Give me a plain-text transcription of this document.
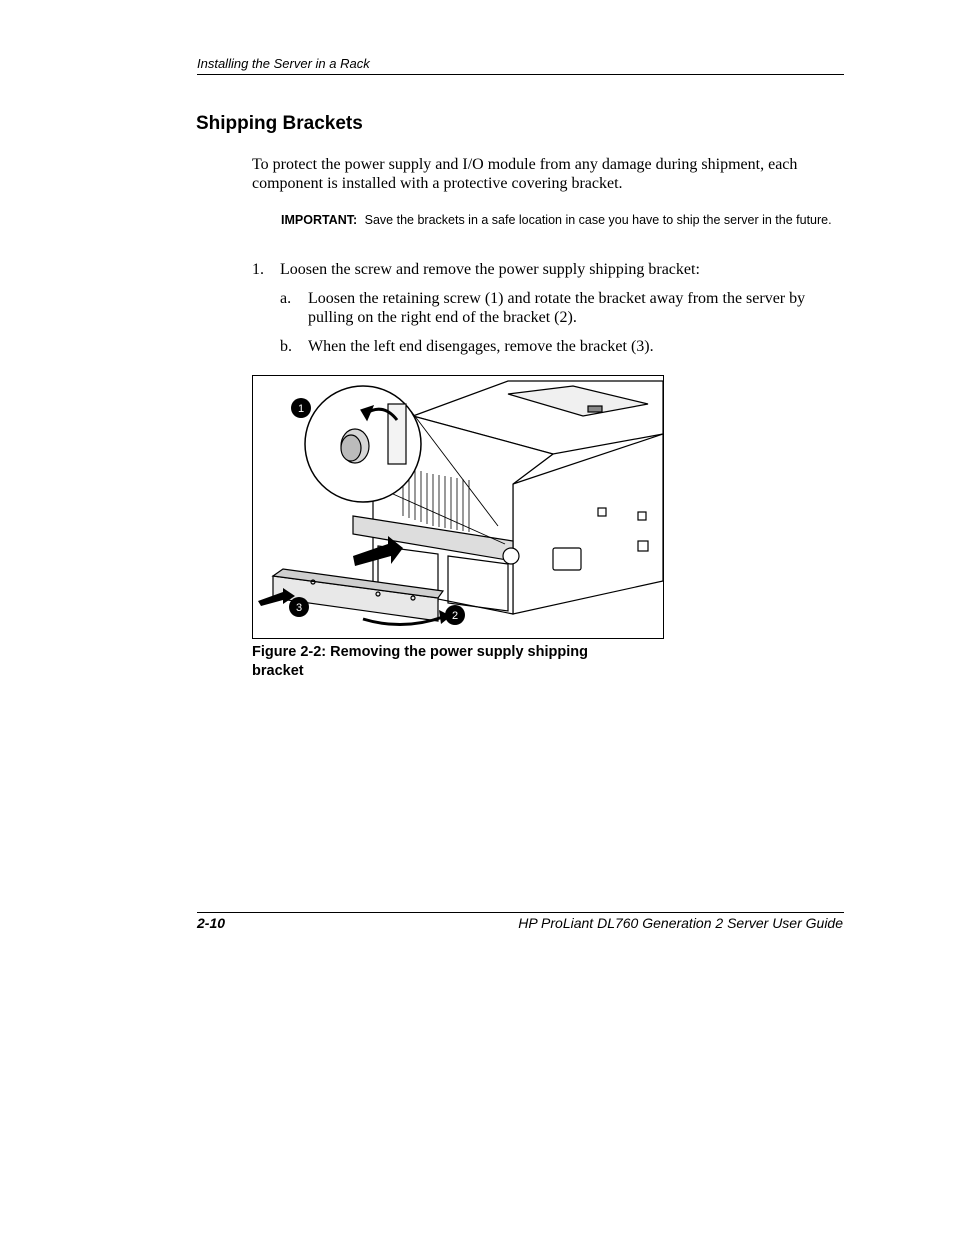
Installing the Server in a Rack
Shipping Brackets

To protect the power supply and I/O module from any damage during shipment, each component is installed with a protective covering bracket.

IMPORTANT: Save the brackets in a safe location in case you have to ship the server in the future.

1.	Loosen the screw and remove the power supply shipping bracket:
a.	Loosen the retaining screw (1) and rotate the bracket away from the server by pulling on the right end of the bracket (2).
b.	When the left end disengages, remove the bracket (3).
1
2
3

Figure 2-2: Removing the power supply shipping bracket

2-10	HP ProLiant DL760 Generation 2 Server User Guide
